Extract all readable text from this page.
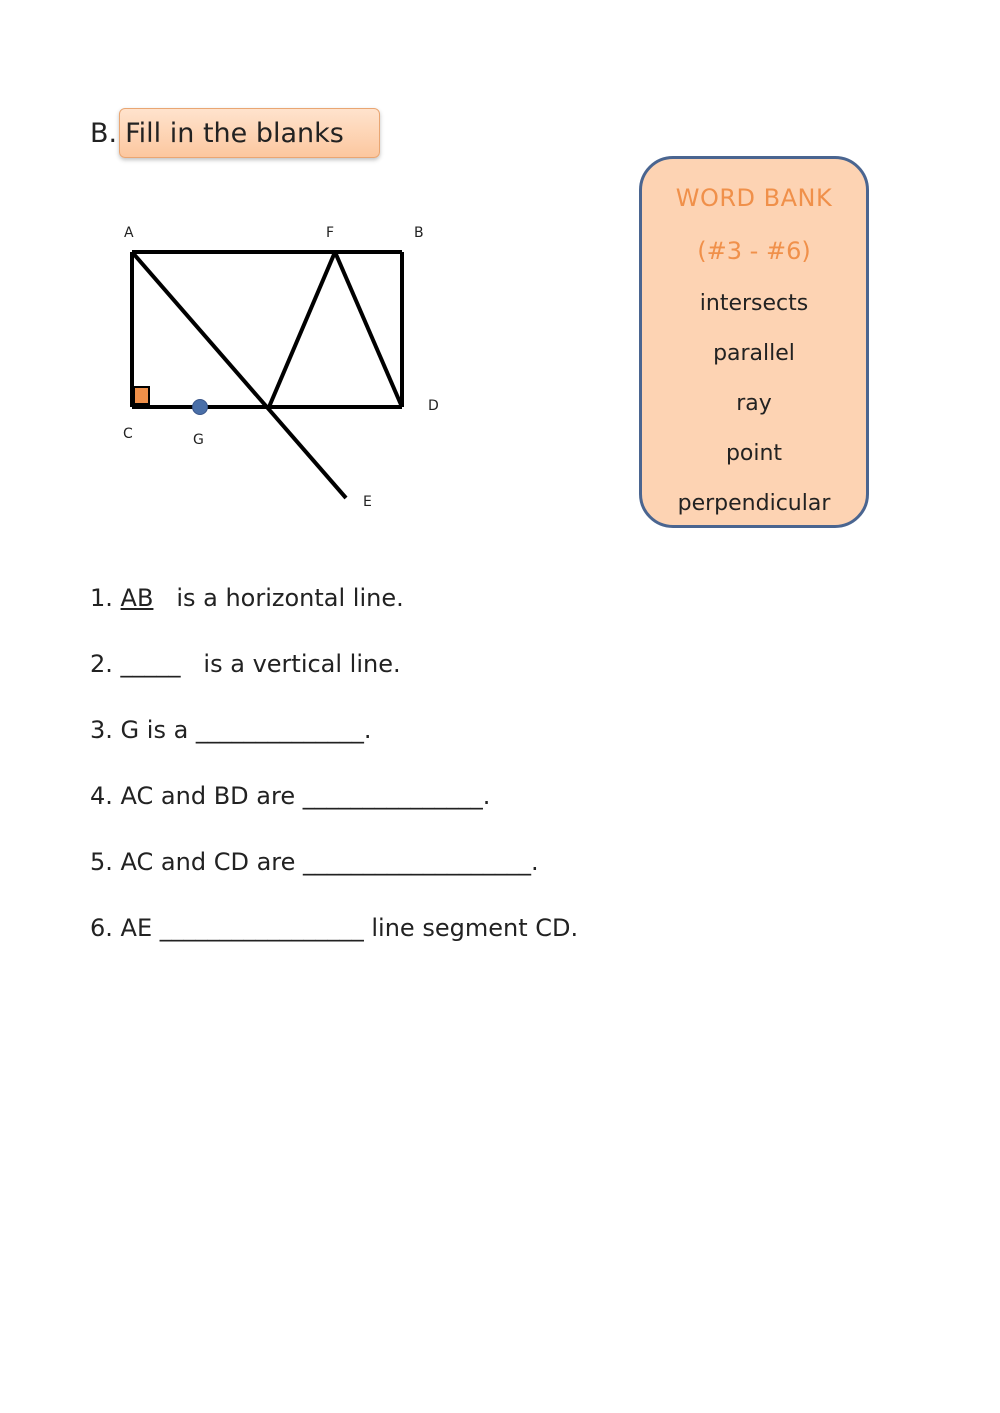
B. Fill in the blanks
A	F	B
D
C	G
E
WORD BANK
(#3 - #6)
intersects
parallel
ray
point
perpendicular
1. AB   is a horizontal line.
2. _____   is a vertical line.
3. G is a ______________.
4. AC and BD are _______________.
5. AC and CD are ___________________.
6. AE _________________ line segment CD.
